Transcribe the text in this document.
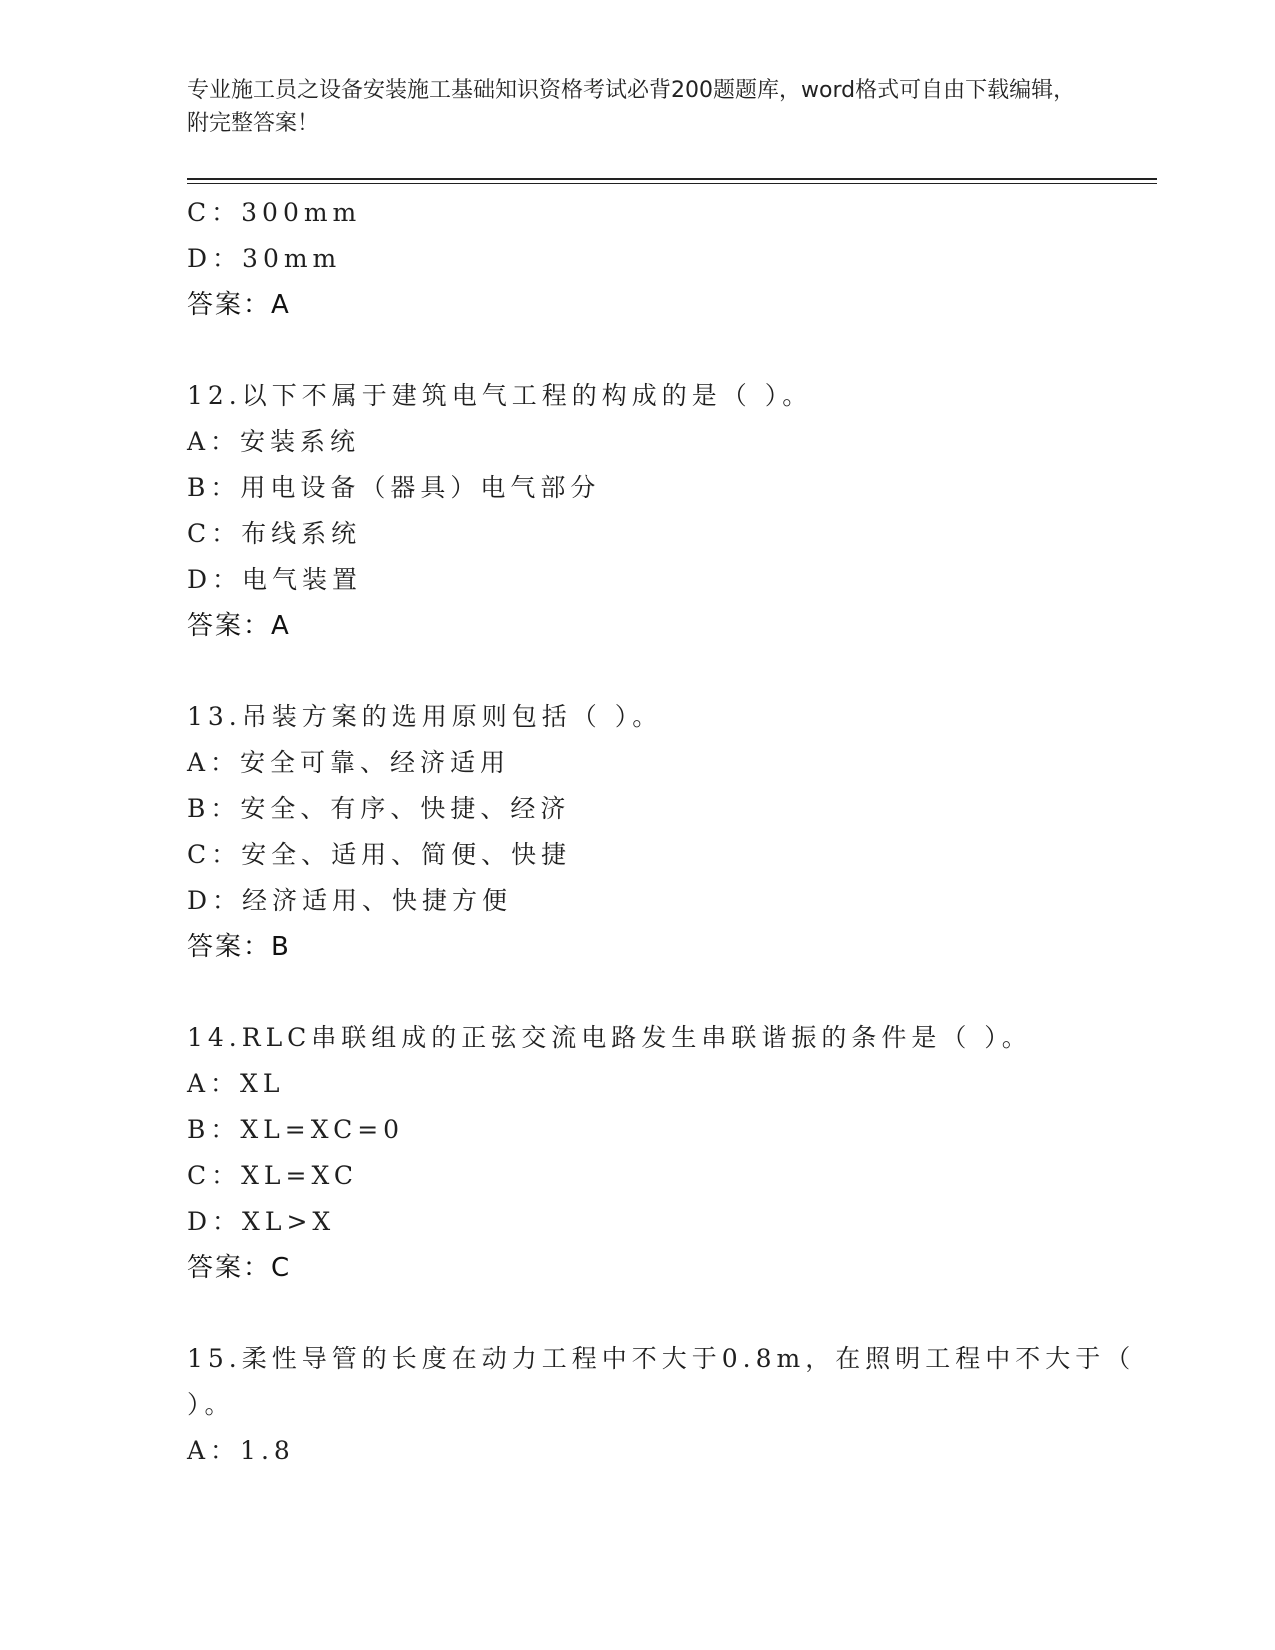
专业施工员之设备安装施工基础知识资格考试必背200题题库，word格式可自由下载编辑，附完整答案！
C：300mm
D：30mm
答案：A
12.以下不属于建筑电气工程的构成的是（ ）。
A：安装系统
B：用电设备（器具）电气部分
C：布线系统
D：电气装置
答案：A
13.吊装方案的选用原则包括（ ）。
A：安全可靠、经济适用
B：安全、有序、快捷、经济
C：安全、适用、简便、快捷
D：经济适用、快捷方便
答案：B
14.RLC串联组成的正弦交流电路发生串联谐振的条件是（ ）。
A：XL
B：XL=XC=0
C：XL=XC
D：XL>X
答案：C
15.柔性导管的长度在动力工程中不大于0.8m，在照明工程中不大于（
）。
A：1.8
